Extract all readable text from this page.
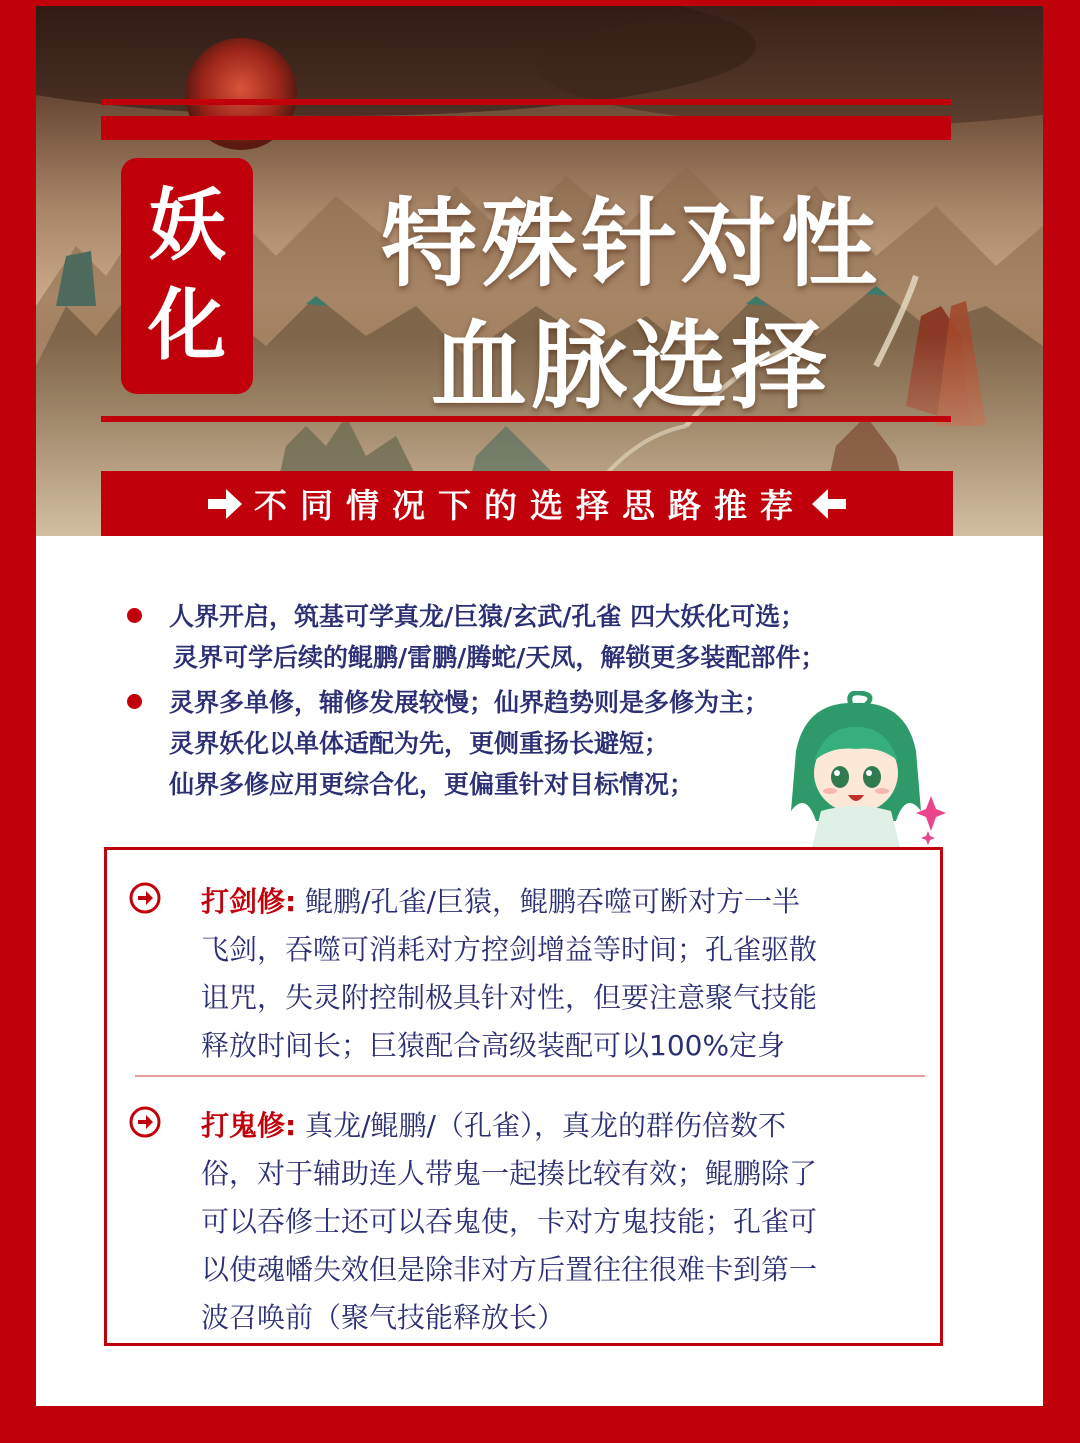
妖
化
特殊针对性
血脉选择
不同情况下的选择思路推荐
人界开启，筑基可学真龙/巨猿/玄武/孔雀 四大妖化可选；
灵界可学后续的鲲鹏/雷鹏/腾蛇/天凤，解锁更多装配部件；
灵界多单修，辅修发展较慢；仙界趋势则是多修为主；
灵界妖化以单体适配为先，更侧重扬长避短；
仙界多修应用更综合化，更偏重针对目标情况；
打剑修: 鲲鹏/孔雀/巨猿，鲲鹏吞噬可断对方一半
飞剑，吞噬可消耗对方控剑增益等时间；孔雀驱散
诅咒，失灵附控制极具针对性，但要注意聚气技能
释放时间长；巨猿配合高级装配可以100%定身
打鬼修: 真龙/鲲鹏/（孔雀），真龙的群伤倍数不
俗，对于辅助连人带鬼一起揍比较有效；鲲鹏除了
可以吞修士还可以吞鬼使，卡对方鬼技能；孔雀可
以使魂幡失效但是除非对方后置往往很难卡到第一
波召唤前（聚气技能释放长）
